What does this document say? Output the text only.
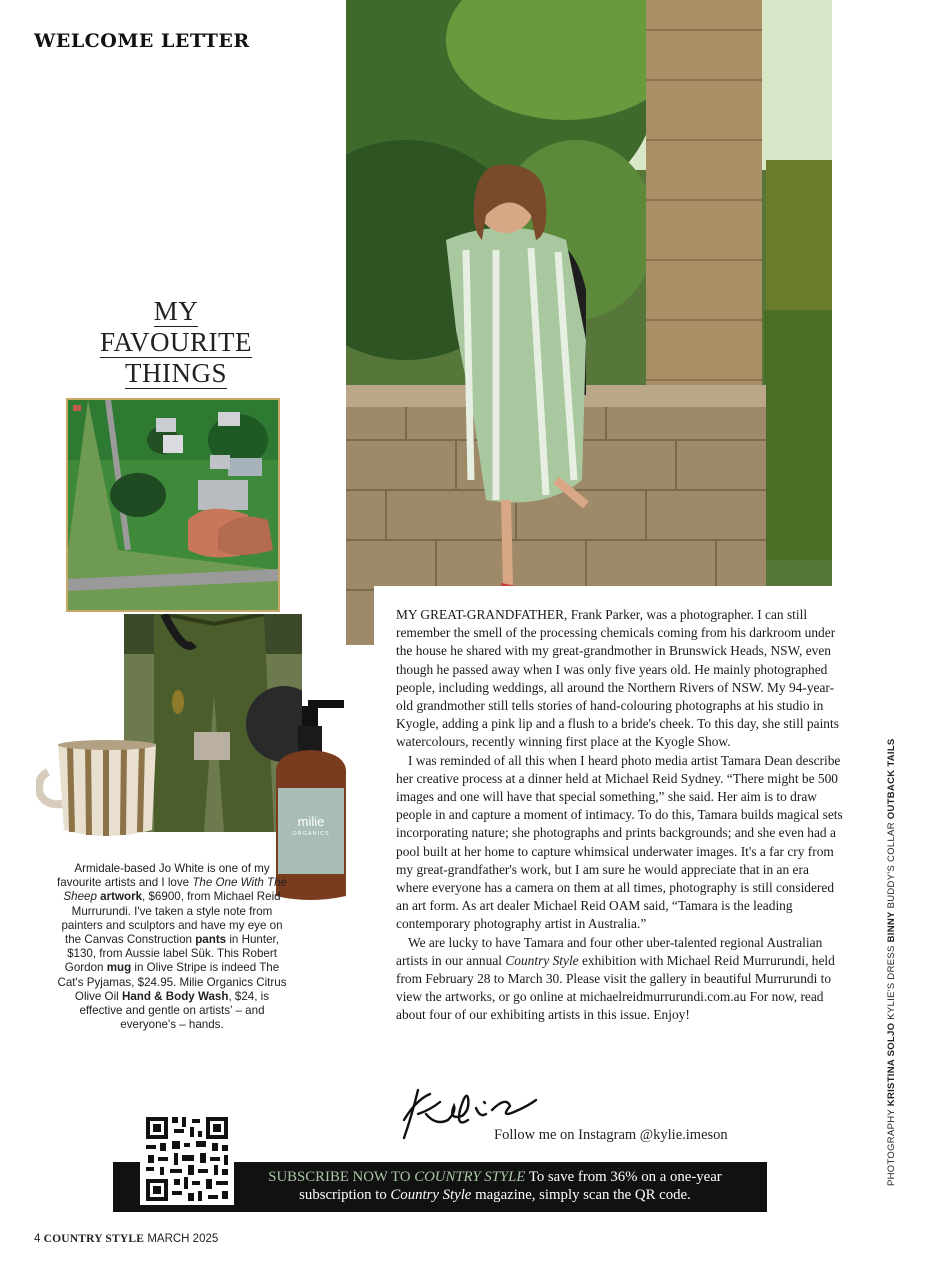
WELCOME LETTER
MY
FAVOURITE
THINGS
milie
ORGANICS
Armidale-based Jo White is one of my favourite artists and I love The One With The Sheep artwork, $6900, from Michael Reid Murrurundi. I've taken a style note from painters and sculptors and have my eye on the Canvas Construction pants in Hunter, $130, from Aussie label Sük. This Robert Gordon mug in Olive Stripe is indeed The Cat's Pyjamas, $24.95. Milie Organics Citrus Olive Oil Hand & Body Wash, $24, is effective and gentle on artists' – and everyone's – hands.

MY GREAT-GRANDFATHER, Frank Parker, was a photographer. I can still remember the smell of the processing chemicals coming from his darkroom under the house he shared with my great-grandmother in Brunswick Heads, NSW, even though he passed away when I was only five years old. He mainly photographed people, including weddings, all around the Northern Rivers of NSW. My 94-year-old grandmother still tells stories of hand-colouring photographs at his studio in Kyogle, adding a pink lip and a flush to a bride's cheek. To this day, she still paints watercolours, recently winning first place at the Kyogle Show.

I was reminded of all this when I heard photo media artist Tamara Dean describe her creative process at a dinner held at Michael Reid Sydney. “There might be 500 images and one will have that special something,” she said. Her aim is to draw people in and capture a moment of intimacy. To do this, Tamara builds magical sets incorporating nature; she photographs and prints backgrounds; and she even had a pool built at her home to capture whimsical underwater images. It's a far cry from my great-grandfather's work, but I am sure he would appreciate that in an era where everyone has a camera on them at all times, photography is still considered an art form. As art dealer Michael Reid OAM said, “Tamara is the leading contemporary photography artist in Australia.”

We are lucky to have Tamara and four other uber-talented regional Australian artists in our annual Country Style exhibition with Michael Reid Murrurundi, held from February 28 to March 30. Please visit the gallery in beautiful Murrurundi to view the artworks, or go online at michaelreidmurrurundi.com.au For now, read about four of our exhibiting artists in this issue. Enjoy!

Follow me on Instagram @kylie.imeson	PHOTOGRAPHY KRISTINA SOLJO KYLIE'S DRESS BINNY BUDDY'S COLLAR OUTBACK TAILS
SUBSCRIBE NOW TO COUNTRY STYLE To save from 36% on a one-year
subscription to Country Style magazine, simply scan the QR code.
4 COUNTRY STYLE MARCH 2025
